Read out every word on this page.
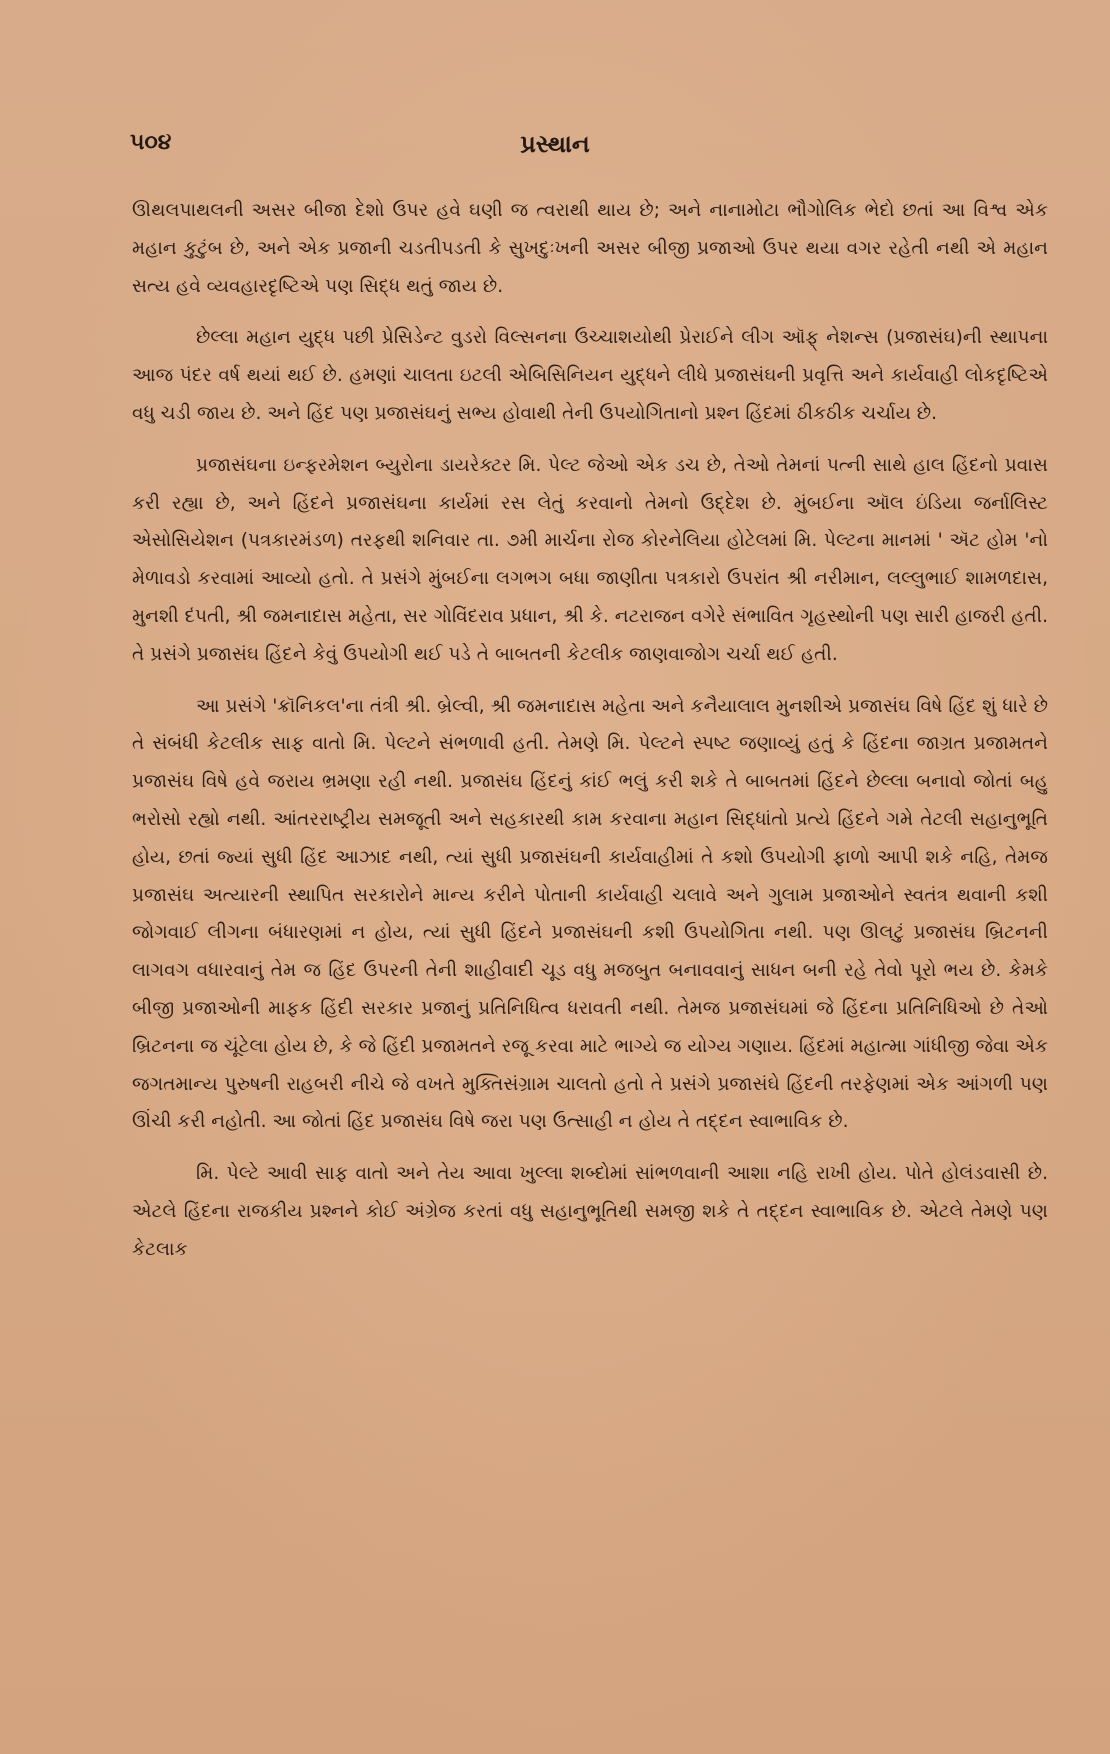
૫૦૪	પ્રસ્થાન

ઊથલપાથલની અસર બીજા દેશો ઉપર હવે ઘણી જ ત્વરાથી થાય છે; અને નાનામોટા ભૌગોલિક ભેદો છતાં આ વિશ્વ એક મહાન કુટુંબ છે, અને એક પ્રજાની ચડતીપડતી કે સુખદુઃખની અસર બીજી પ્રજાઓ ઉપર થયા વગર રહેતી નથી એ મહાન સત્ય હવે વ્યવહારદૃષ્ટિએ પણ સિદ્ધ થતું જાય છે.

છેલ્લા મહાન યુદ્ધ પછી પ્રેસિડેન્ટ વુડરો વિલ્સનના ઉચ્ચાશયોથી પ્રેરાઈને લીગ ઑફ્ નેશન્સ (પ્રજાસંઘ)ની સ્થાપના આજ પંદર વર્ષ થયાં થઈ છે. હમણાં ચાલતા ઇટલી એબિસિનિયન યુદ્ધને લીધે પ્રજાસંઘની પ્રવૃત્તિ અને કાર્યવાહી લોકદૃષ્ટિએ વધુ ચડી જાય છે. અને હિંદ પણ પ્રજાસંઘનું સભ્ય હોવાથી તેની ઉપયોગિતાનો પ્રશ્ન હિંદમાં ઠીકઠીક ચર્ચાય છે.

પ્રજાસંઘના ઇન્ફરમેશન બ્યુરોના ડાયરેક્ટર મિ. પેલ્ટ જેઓ એક ડચ છે, તેઓ તેમનાં પત્ની સાથે હાલ હિંદનો પ્રવાસ કરી રહ્યા છે, અને હિંદને પ્રજાસંઘના કાર્યમાં રસ લેતું કરવાનો તેમનો ઉદ્દેશ છે. મુંબઈના ઑલ ઇંડિયા જર્નાલિસ્ટ એસોસિયેશન (પત્રકારમંડળ) તરફથી શનિવાર તા. ૭મી માર્ચના રોજ કોરનેલિયા હોટેલમાં મિ. પેલ્ટના માનમાં ' ઍટ હોમ 'નો મેળાવડો કરવામાં આવ્યો હતો. તે પ્રસંગે મુંબઈના લગભગ બધા જાણીતા પત્રકારો ઉપરાંત શ્રી નરીમાન, લલ્લુભાઈ શામળદાસ, મુનશી દંપતી, શ્રી જમનાદાસ મહેતા, સર ગોવિંદરાવ પ્રધાન, શ્રી કે. નટરાજન વગેરે સંભાવિત ગૃહસ્થોની પણ સારી હાજરી હતી. તે પ્રસંગે પ્રજાસંઘ હિંદને કેવું ઉપયોગી થઈ પડે તે બાબતની કેટલીક જાણવાજોગ ચર્ચા થઈ હતી.

આ પ્રસંગે 'ક્રૉનિકલ'ના તંત્રી શ્રી. બ્રેલ્વી, શ્રી જમનાદાસ મહેતા અને કનૈયાલાલ મુનશીએ પ્રજાસંઘ વિષે હિંદ શું ધારે છે તે સંબંધી કેટલીક સાફ વાતો મિ. પેલ્ટને સંભળાવી હતી. તેમણે મિ. પેલ્ટને સ્પષ્ટ જણાવ્યું હતું કે હિંદના જાગ્રત પ્રજામતને પ્રજાસંઘ વિષે હવે જરાય ભ્રમણા રહી નથી. પ્રજાસંઘ હિંદનું કાંઈ ભલું કરી શકે તે બાબતમાં હિંદને છેલ્લા બનાવો જોતાં બહુ ભરોસો રહ્યો નથી. આંતરરાષ્ટ્રીય સમજૂતી અને સહકારથી કામ કરવાના મહાન સિદ્ધાંતો પ્રત્યે હિંદને ગમે તેટલી સહાનુભૂતિ હોય, છતાં જ્યાં સુધી હિંદ આઝાદ નથી, ત્યાં સુધી પ્રજાસંઘની કાર્યવાહીમાં તે કશો ઉપયોગી ફાળો આપી શકે નહિ, તેમજ પ્રજાસંઘ અત્યારની સ્થાપિત સરકારોને માન્ય કરીને પોતાની કાર્યવાહી ચલાવે અને ગુલામ પ્રજાઓને સ્વતંત્ર થવાની કશી જોગવાઈ લીગના બંધારણમાં ન હોય, ત્યાં સુધી હિંદને પ્રજાસંઘની કશી ઉપયોગિતા નથી. પણ ઊલટું પ્રજાસંઘ બ્રિટનની લાગવગ વધારવાનું તેમ જ હિંદ ઉપરની તેની શાહીવાદી ચૂડ વધુ મજબુત બનાવવાનું સાધન બની રહે તેવો પૂરો ભય છે. કેમકે બીજી પ્રજાઓની માફક હિંદી સરકાર પ્રજાનું પ્રતિનિધિત્વ ધરાવતી નથી. તેમજ પ્રજાસંઘમાં જે હિંદના પ્રતિનિધિઓ છે તેઓ બ્રિટનના જ ચૂંટેલા હોય છે, કે જે હિંદી પ્રજામતને રજૂ કરવા માટે ભાગ્યે જ યોગ્ય ગણાય. હિંદમાં મહાત્મા ગાંધીજી જેવા એક જગતમાન્ય પુરુષની રાહબરી નીચે જે વખતે મુક્તિસંગ્રામ ચાલતો હતો તે પ્રસંગે પ્રજાસંઘે હિંદની તરફેણમાં એક આંગળી પણ ઊંચી કરી નહોતી. આ જોતાં હિંદ પ્રજાસંઘ વિષે જરા પણ ઉત્સાહી ન હોય તે તદ્દન સ્વાભાવિક છે.

મિ. પેલ્ટે આવી સાફ વાતો અને તેય આવા ખુલ્લા શબ્દોમાં સાંભળવાની આશા નહિ રાખી હોય. પોતે હોલંડવાસી છે. એટલે હિંદના રાજકીય પ્રશ્નને કોઈ અંગ્રેજ કરતાં વધુ સહાનુભૂતિથી સમજી શકે તે તદ્દન સ્વાભાવિક છે. એટલે તેમણે પણ કેટલાક
